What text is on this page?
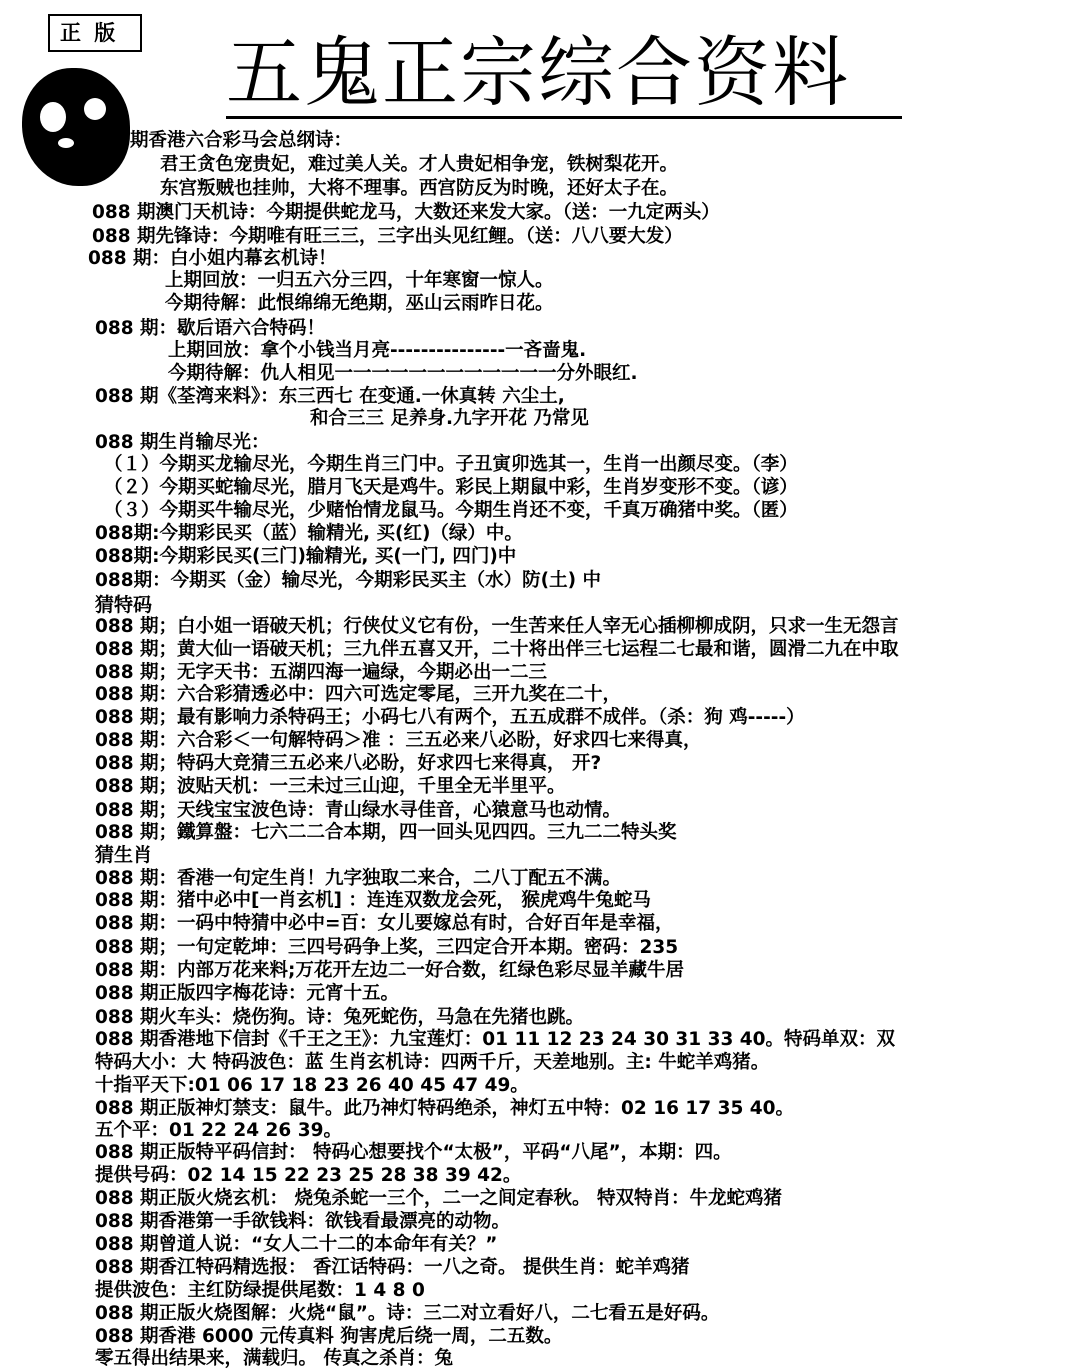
正 版	五鬼正宗综合资料
期香港六合彩马会总纲诗：
君王贪色宠贵妃，难过美人关。才人贵妃相争宠，铁树梨花开。
东宫叛贼也挂帅，大将不理事。西宫防反为时晚，还好太子在。
088 期澳门天机诗：今期提供蛇龙马，大数还来发大家。（送：一九定两头）
088 期先锋诗：今期唯有旺三三，三字出头见红鲤。（送：八八要大发）
088 期：白小姐内幕玄机诗！
上期回放：一归五六分三四，十年寒窗一惊人。
今期待解：此恨绵绵无绝期，巫山云雨昨日花。
088 期：歇后语六合特码！
上期回放：拿个小钱当月亮---------------一吝啬鬼.
今期待解：仇人相见一一一一一一一一一一一一分外眼红.
088 期《荃湾来料》：东三西七 在变通.一休真转 六尘土,
和合三三 足养身.九字开花 乃常见
088 期生肖输尽光：
（１）今期买龙输尽光，今期生肖三门中。子丑寅卯选其一，生肖一出颜尽变。（李）
（２）今期买蛇输尽光，腊月飞天是鸡牛。彩民上期鼠中彩，生肖岁变形不变。（谚）
（３）今期买牛输尽光，少赌怡情龙鼠马。今期生肖还不变，千真万确猪中奖。（匿）
088期:今期彩民买（蓝）输精光, 买(红)（绿）中。
088期:今期彩民买(三门)输精光, 买(一门, 四门)中
088期：今期买（金）输尽光，今期彩民买主（水）防(土) 中
猜特码
088 期；白小姐一语破天机；行侠仗义它有份，一生苦来任人宰无心插柳柳成阴，只求一生无怨言
088 期；黄大仙一语破天机；三九伴五喜又开，二十将出伴三七运程二七最和谐，圆滑二九在中取
088 期；无字天书：五湖四海一遍绿，今期必出一二三
088 期：六合彩猜透必中：四六可选定零尾，三开九奖在二十，
088 期；最有影响力杀特码王；小码七八有两个，五五成群不成伴。（杀：狗 鸡-----）
088 期：六合彩＜一句解特码＞准 ：三五必来八必盼，好求四七来得真，
088 期；特码大竞猜三五必来八必盼，好求四七来得真， 开?
088 期；波贴天机：一三未过三山迎，千里全无半里平。
088 期；天线宝宝波色诗：青山绿水寻佳音，心猿意马也动情。
088 期；鐵算盤：七六二二合本期，四一回头见四四。三九二二特头奖
猜生肖
088 期：香港一句定生肖！九字独取二来合，二八丁配五不满。
088 期：猪中必中[一肖玄机] ：连连双数龙会死， 猴虎鸡牛兔蛇马
088 期：一码中特猜中必中=百：女儿要嫁总有时，合好百年是幸福，
088 期；一句定乾坤：三四号码争上奖，三四定合开本期。密码：235
088 期：内部万花来料;万花开左边二一好合数，红绿色彩尽显羊藏牛居
088 期正版四字梅花诗：元宵十五。
088 期火车头：烧伤狗。诗：兔死蛇伤，马急在先猪也跳。
088 期香港地下信封《千王之王》：九宝莲灯：01 11 12 23 24 30 31 33 40。特码单双：双
特码大小：大 特码波色：蓝 生肖玄机诗：四两千斤，天差地别。主: 牛蛇羊鸡猪。
十指平天下:01 06 17 18 23 26 40 45 47 49。
088 期正版神灯禁支：鼠牛。此乃神灯特码绝杀，神灯五中特：02 16 17 35 40。
五个平：01 22 24 26 39。
088 期正版特平码信封： 特码心想要找个“太极”，平码“八尾”，本期：四。
提供号码：02 14 15 22 23 25 28 38 39 42。
088 期正版火烧玄机： 烧兔杀蛇一三个，二一之间定春秋。 特双特肖：牛龙蛇鸡猪
088 期香港第一手欲钱料：欲钱看最漂亮的动物。
088 期曾道人说：“女人二十二的本命年有关？”
088 期香江特码精选报： 香江话特码：一八之奇。 提供生肖：蛇羊鸡猪
提供波色：主红防绿提供尾数：1 4 8 0
088 期正版火烧图解：火烧“鼠”。诗：三二对立看好八，二七看五是好码。
088 期香港 6000 元传真料 狗害虎后绕一周，二五数。
零五得出结果来，满载归。 传真之杀肖：兔
